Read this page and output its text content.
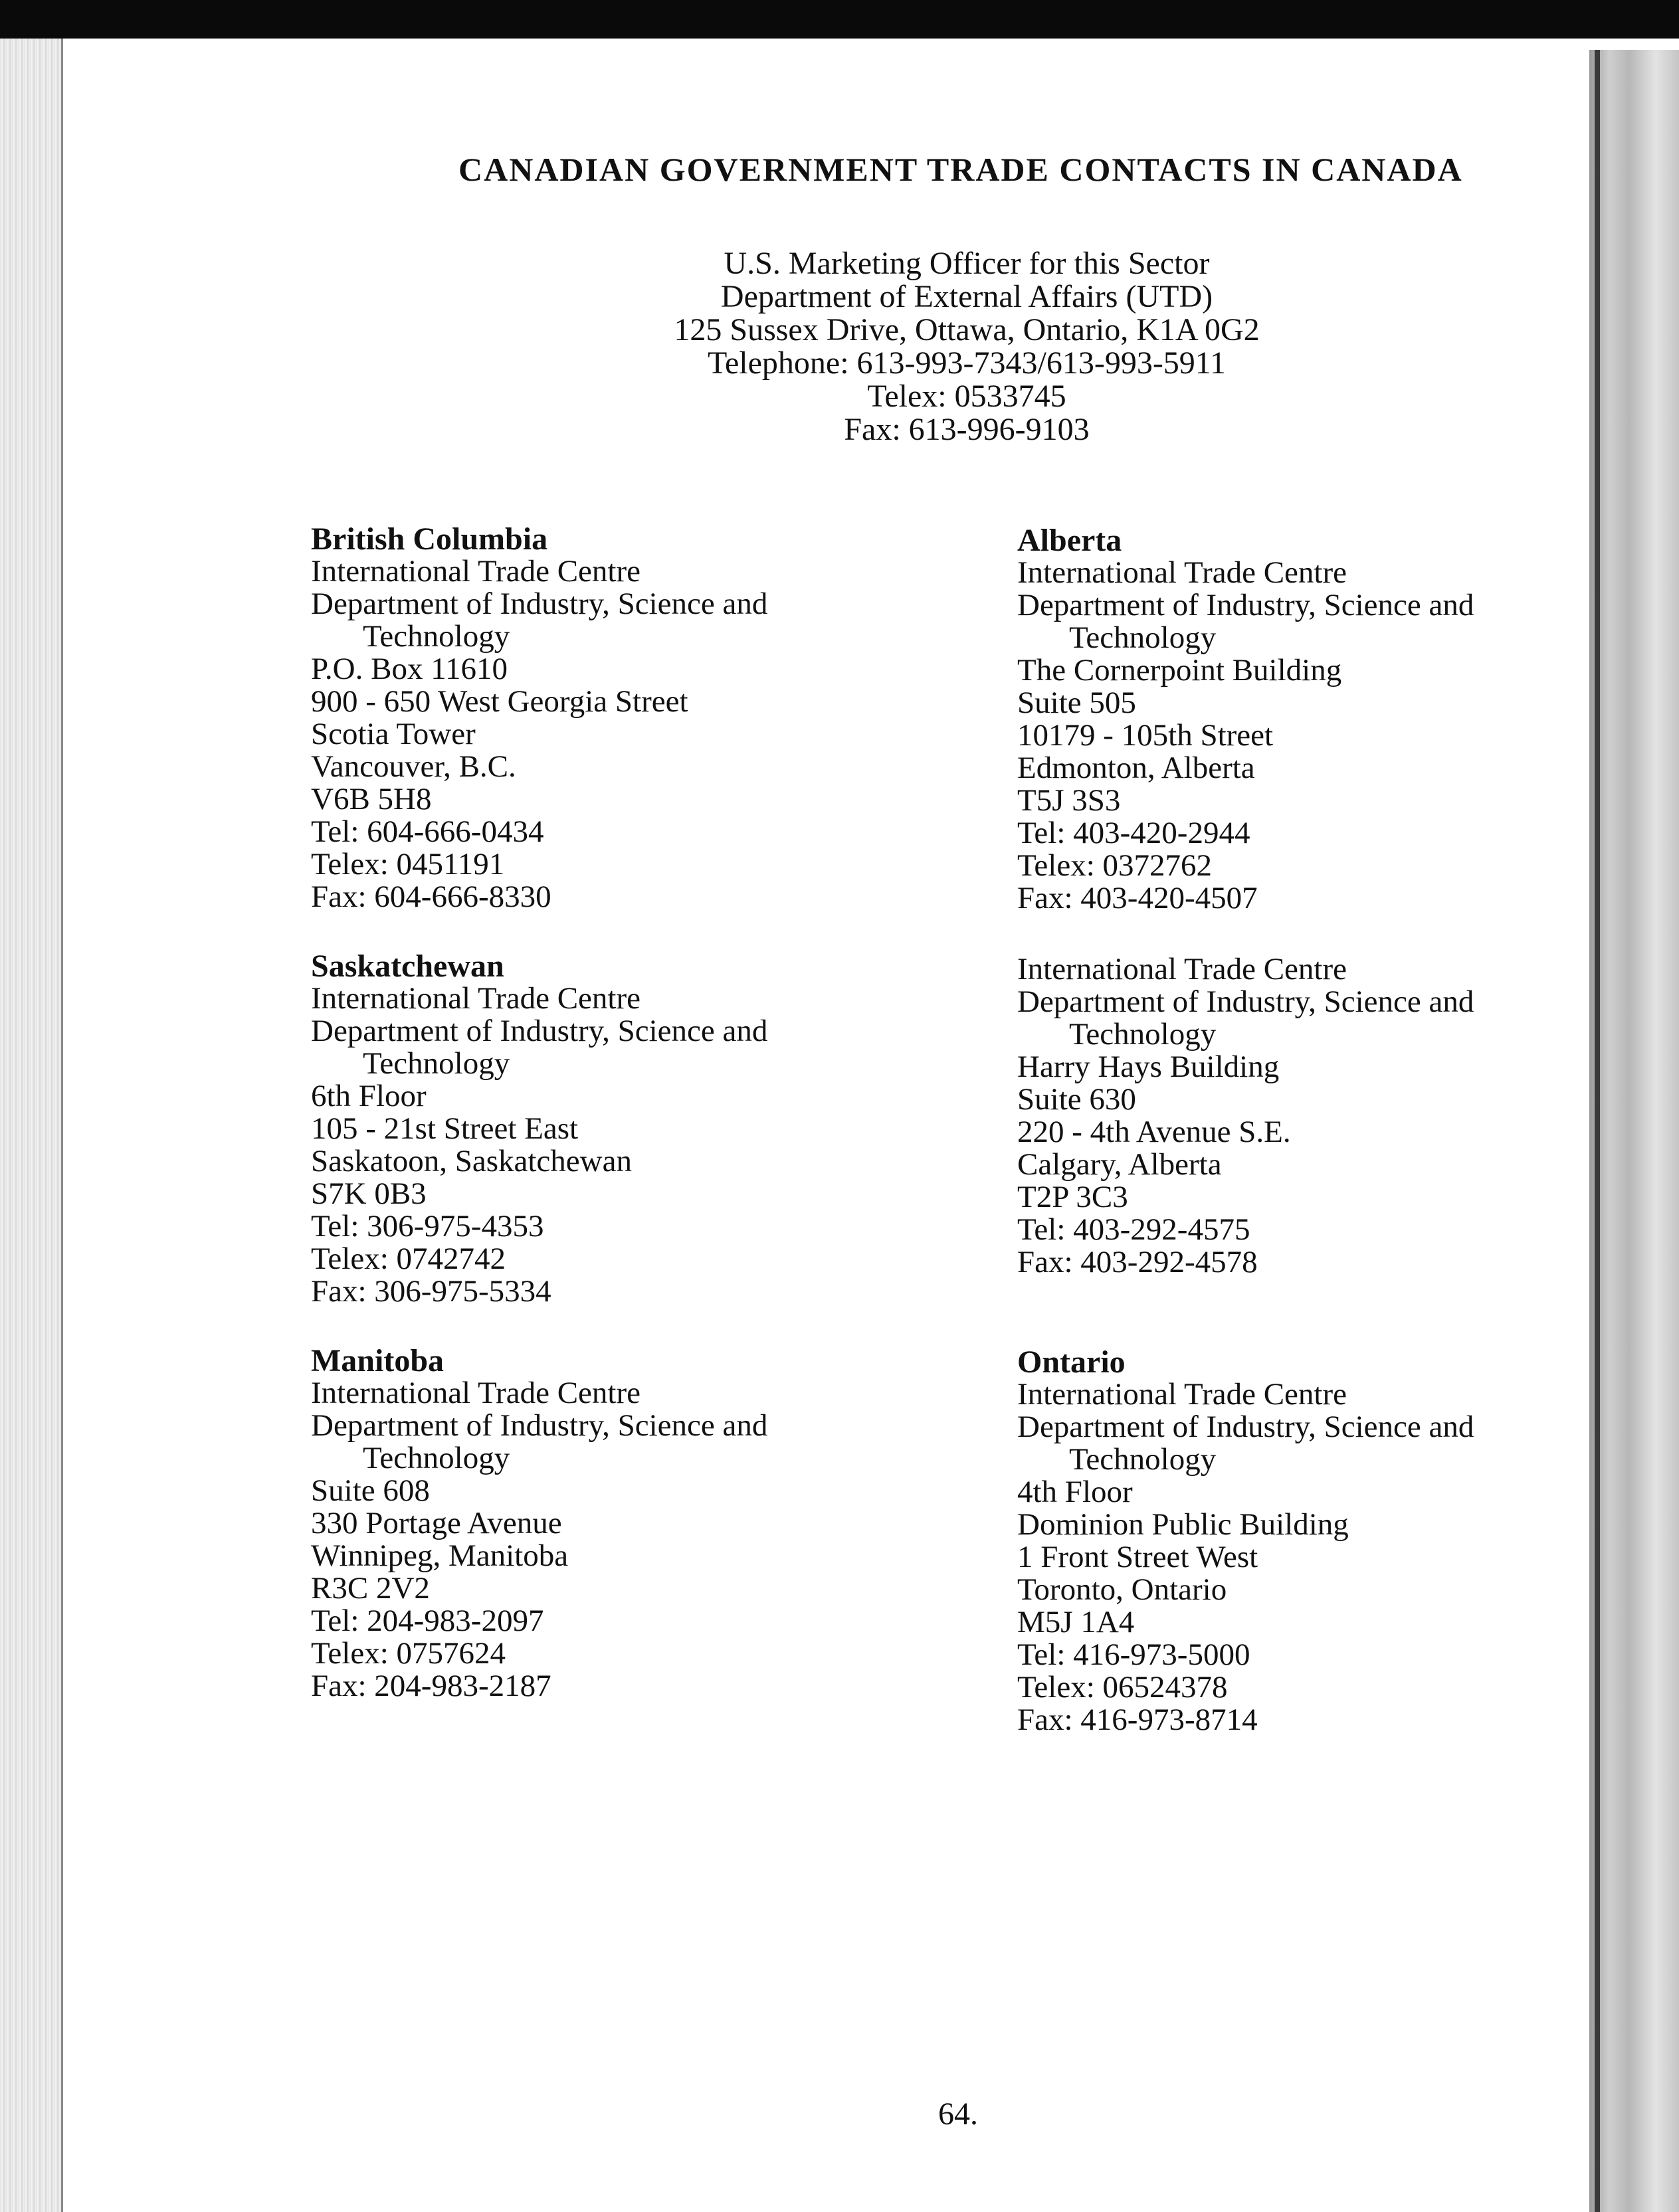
CANADIAN GOVERNMENT TRADE CONTACTS IN CANADA
U.S. Marketing Officer for this Sector
Department of External Affairs (UTD)
125 Sussex Drive, Ottawa, Ontario, K1A 0G2
Telephone: 613-993-7343/613-993-5911
Telex: 0533745
Fax: 613-996-9103
British Columbia
International Trade Centre
Department of Industry, Science and
Technology
P.O. Box 11610
900 - 650 West Georgia Street
Scotia Tower
Vancouver, B.C.
V6B 5H8
Tel: 604-666-0434
Telex: 0451191
Fax: 604-666-8330
Alberta
International Trade Centre
Department of Industry, Science and
Technology
The Cornerpoint Building
Suite 505
10179 - 105th Street
Edmonton, Alberta
T5J 3S3
Tel: 403-420-2944
Telex: 0372762
Fax: 403-420-4507
Saskatchewan
International Trade Centre
Department of Industry, Science and
Technology
6th Floor
105 - 21st Street East
Saskatoon, Saskatchewan
S7K 0B3
Tel: 306-975-4353
Telex: 0742742
Fax: 306-975-5334
International Trade Centre
Department of Industry, Science and
Technology
Harry Hays Building
Suite 630
220 - 4th Avenue S.E.
Calgary, Alberta
T2P 3C3
Tel: 403-292-4575
Fax: 403-292-4578
Manitoba
International Trade Centre
Department of Industry, Science and
Technology
Suite 608
330 Portage Avenue
Winnipeg, Manitoba
R3C 2V2
Tel: 204-983-2097
Telex: 0757624
Fax: 204-983-2187
Ontario
International Trade Centre
Department of Industry, Science and
Technology
4th Floor
Dominion Public Building
1 Front Street West
Toronto, Ontario
M5J 1A4
Tel: 416-973-5000
Telex: 06524378
Fax: 416-973-8714
64.
